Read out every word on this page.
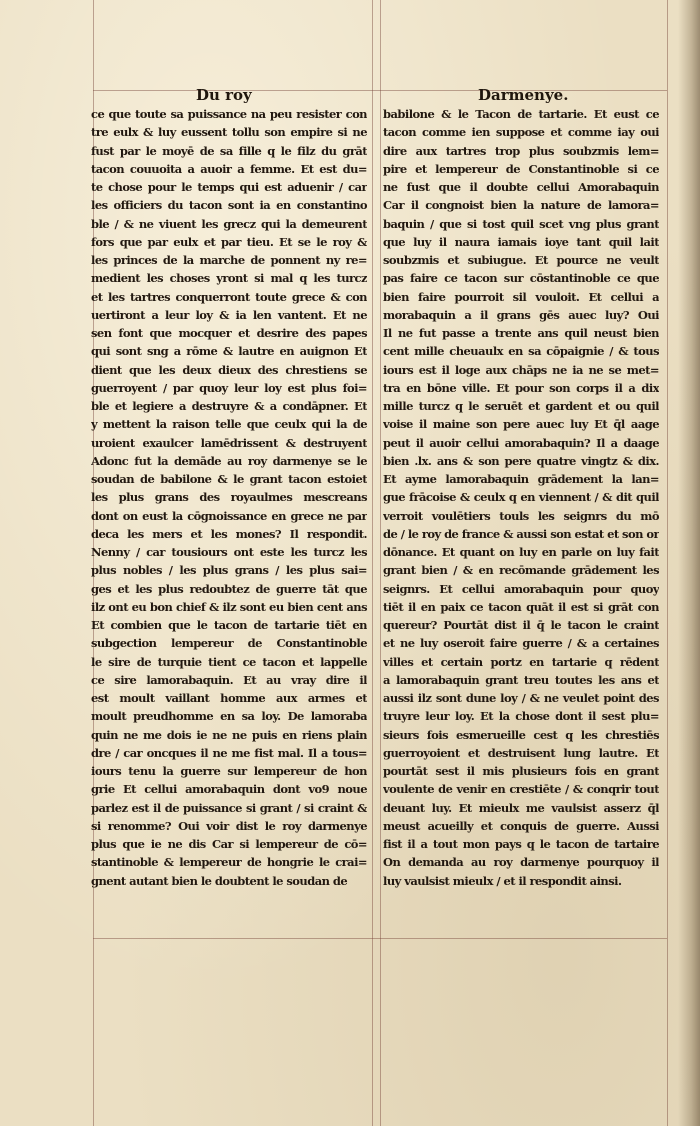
Du roy	Darmenye.
ce que toute sa puissance na peu resister con
tre eulx & luy eussent tollu son empire si ne
fust par le moyē de sa fille q le filz du grāt
tacon couuoita a auoir a femme. Et est du=
te chose pour le temps qui est aduenir / car
les officiers du tacon sont ia en constantino
ble / & ne viuent les grecz qui la demeurent
fors que par eulx et par tieu. Et se le roy &
les princes de la marche de ponnent ny re=
medient les choses yront si mal q les turcz
et les tartres conquerront toute grece & con
uertiront a leur loy & ia len vantent. Et ne
sen font que mocquer et desrire des papes
qui sont sng a rōme & lautre en auignon Et
dient que les deux dieux des chrestiens se
guerroyent / par quoy leur loy est plus foi=
ble et legiere a destruyre & a condāpner. Et
y mettent la raison telle que ceulx qui la de
uroient exaulcer lamēdrissent & destruyent
Adonc fut la demāde au roy darmenye se le
soudan de babilone & le grant tacon estoiet
les plus grans des royaulmes mescreans
dont on eust la cōgnoissance en grece ne par
deca les mers et les mones? Il respondit.
Nenny / car tousiours ont este les turcz les
plus nobles / les plus grans / les plus sai=
ges et les plus redoubtez de guerre tāt que
ilz ont eu bon chief & ilz sont eu bien cent ans
Et combien que le tacon de tartarie tiēt en
subgection lempereur de Constantinoble
le sire de turquie tient ce tacon et lappelle
ce sire lamorabaquin. Et au vray dire il
est moult vaillant homme aux armes et
moult preudhomme en sa loy. De lamoraba
quin ne me dois ie ne ne puis en riens plain
dre / car oncques il ne me fist mal. Il a tous=
iours tenu la guerre sur lempereur de hon
grie Et cellui amorabaquin dont vo9 noue
parlez est il de puissance si grant / si craint &
si renomme? Oui voir dist le roy darmenye
plus que ie ne dis Car si lempereur de cō=
stantinoble & lempereur de hongrie le crai=
gnent autant bien le doubtent le soudan de
babilone & le Tacon de tartarie. Et eust ce
tacon comme ien suppose et comme iay oui
dire aux tartres trop plus soubzmis lem=
pire et lempereur de Constantinoble si ce
ne fust que il doubte cellui Amorabaquin
Car il congnoist bien la nature de lamora=
baquin / que si tost quil scet vng plus grant
que luy il naura iamais ioye tant quil lait
soubzmis et subiugue. Et pource ne veult
pas faire ce tacon sur cōstantinoble ce que
bien faire pourroit sil vouloit. Et cellui a
morabaquin a il grans gēs auec luy? Oui
Il ne fut passe a trente ans quil neust bien
cent mille cheuaulx en sa cōpaignie / & tous
iours est il loge aux chāps ne ia ne se met=
tra en bōne ville. Et pour son corps il a dix
mille turcz q le seruēt et gardent et ou quil
voise il maine son pere auec luy Et q̄l aage
peut il auoir cellui amorabaquin? Il a daage
bien .lx. ans & son pere quatre vingtz & dix.
Et ayme lamorabaquin grādement la lan=
gue frācoise & ceulx q en viennent / & dit quil
verroit voulētiers touls les seignrs du mō
de / le roy de france & aussi son estat et son or
dōnance. Et quant on luy en parle on luy fait
grant bien / & en recōmande grādement les
seignrs. Et cellui amorabaquin pour quoy
tiēt il en paix ce tacon quāt il est si grāt con
quereur? Pourtāt dist il q̄ le tacon le craint
et ne luy oseroit faire guerre / & a certaines
villes et certain portz en tartarie q rēdent
a lamorabaquin grant treu toutes les ans et
aussi ilz sont dune loy / & ne veulet point des
truyre leur loy. Et la chose dont il sest plu=
sieurs fois esmerueille cest q les chrestiēs
guerroyoient et destruisent lung lautre. Et
pourtāt sest il mis plusieurs fois en grant
voulente de venir en crestiēte / & conqrir tout
deuant luy. Et mieulx me vaulsist asserz q̄l
meust acueilly et conquis de guerre. Aussi
fist il a tout mon pays q le tacon de tartaire
On demanda au roy darmenye pourquoy il
luy vaulsist mieulx / et il respondit ainsi.
